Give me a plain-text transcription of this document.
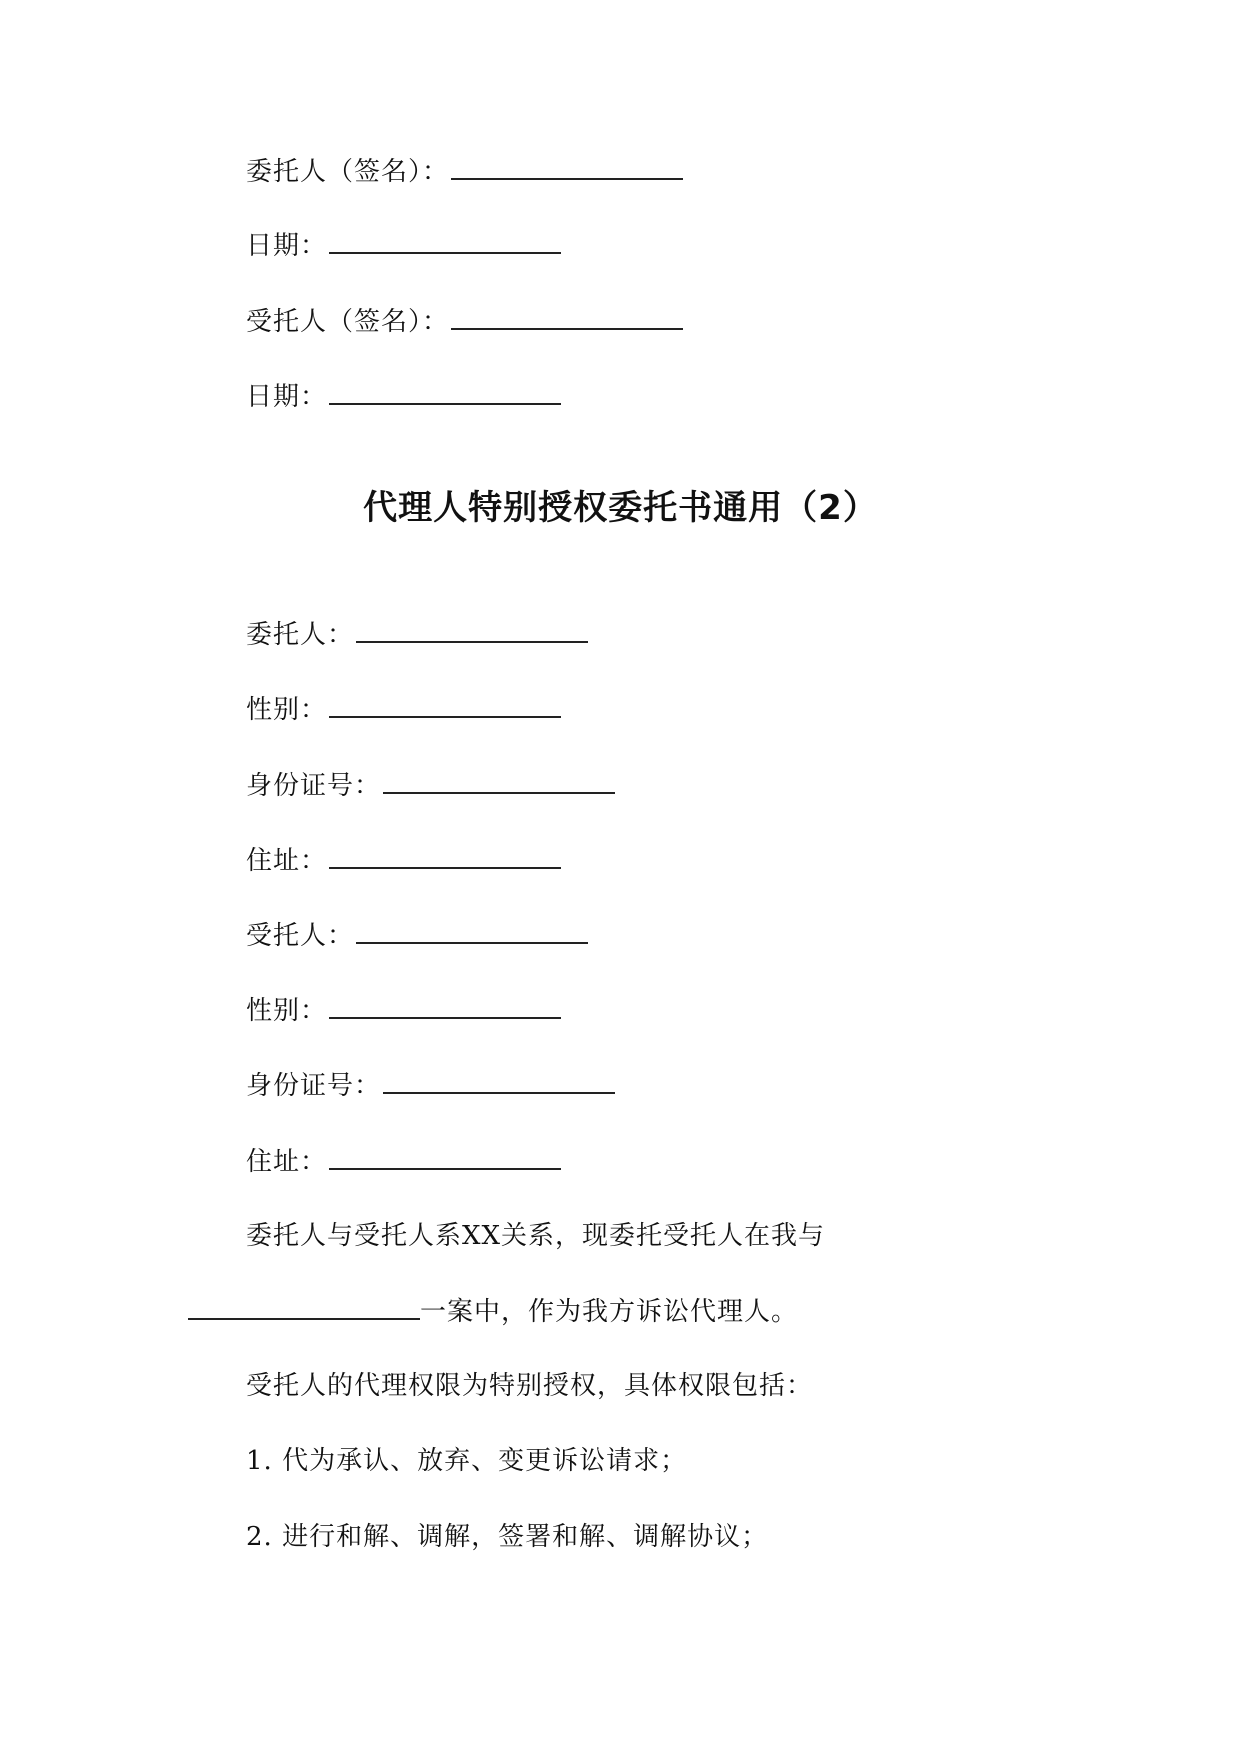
委托人（签名）：
日期：
受托人（签名）：
日期：
代理人特别授权委托书通用（2）
委托人：
性别：
身份证号：
住址：
受托人：
性别：
身份证号：
住址：
委托人与受托人系XX关系，现委托受托人在我与
一案中，作为我方诉讼代理人。
受托人的代理权限为特别授权，具体权限包括：
1. 代为承认、放弃、变更诉讼请求；
2. 进行和解、调解，签署和解、调解协议；
